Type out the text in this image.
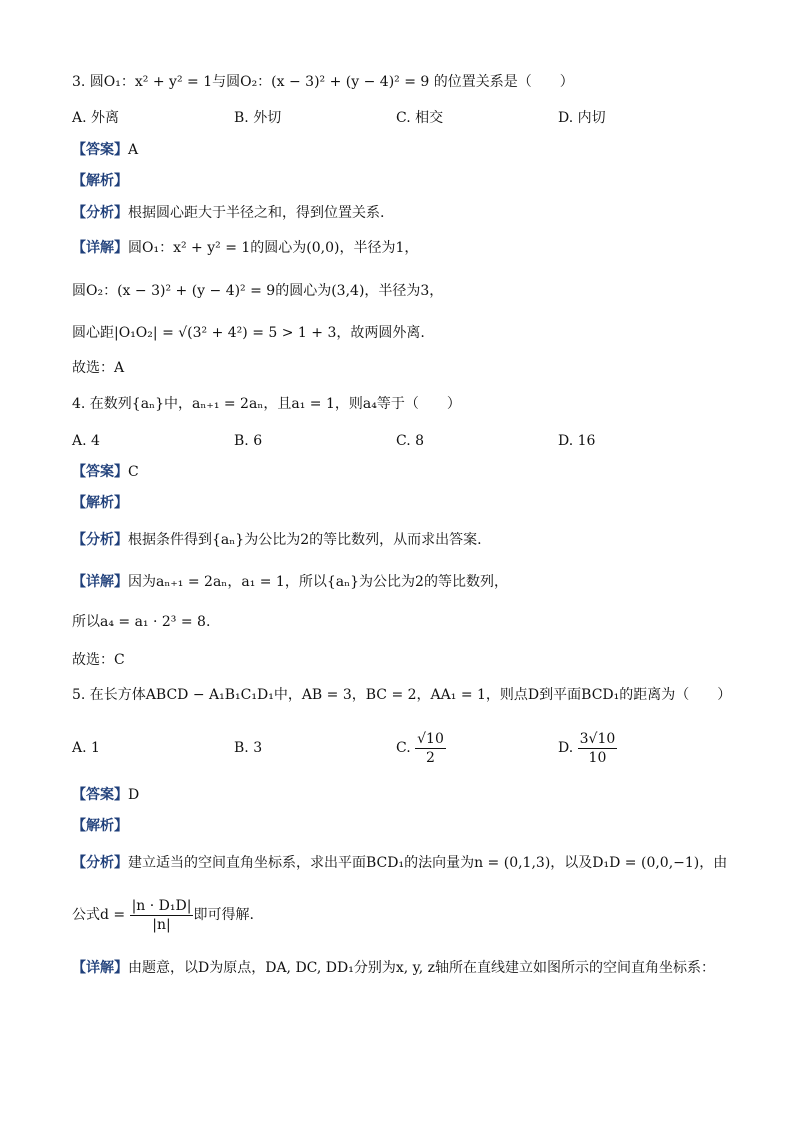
3. 圆O₁：x² + y² = 1与圆O₂：(x − 3)² + (y − 4)² = 9 的位置关系是（　　）
A. 外离	B. 外切	C. 相交	D. 内切
【答案】A
【解析】
【分析】根据圆心距大于半径之和，得到位置关系.
【详解】圆O₁：x² + y² = 1的圆心为(0,0)，半径为1，
圆O₂：(x − 3)² + (y − 4)² = 9的圆心为(3,4)，半径为3，
圆心距|O₁O₂| = √(3² + 4²) = 5 > 1 + 3，故两圆外离.
故选：A
4. 在数列{aₙ}中，aₙ₊₁ = 2aₙ，且a₁ = 1，则a₄等于（　　）
A. 4	B. 6	C. 8	D. 16
【答案】C
【解析】
【分析】根据条件得到{aₙ}为公比为2的等比数列，从而求出答案.
【详解】因为aₙ₊₁ = 2aₙ，a₁ = 1，所以{aₙ}为公比为2的等比数列，
所以a₄ = a₁ · 2³ = 8.
故选：C
5. 在长方体ABCD − A₁B₁C₁D₁中，AB = 3，BC = 2，AA₁ = 1，则点D到平面BCD₁的距离为（　　）
A. 1	B. 3	C. $\frac{√10}{2}$	D. $\frac{3√10}{10}$
【答案】D
【解析】
【分析】建立适当的空间直角坐标系，求出平面BCD₁的法向量为n = (0,1,3)，以及D₁D = (0,0,−1)，由
公式$d = \frac{\text{|n · D₁D|}}{|n|}$ 即可得解.
【详解】由题意，以D为原点，DA, DC, DD₁分别为x, y, z轴所在直线建立如图所示的空间直角坐标系：
